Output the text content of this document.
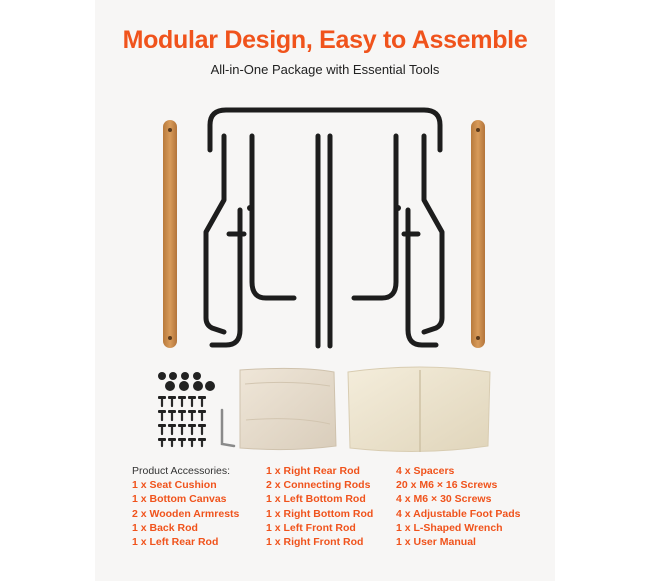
Modular Design, Easy to Assemble
All-in-One Package with Essential Tools
Product Accessories:
1 x Seat Cushion
1 x Bottom Canvas
2 x Wooden Armrests
1 x Back Rod
1 x Left Rear Rod
1 x Right Rear Rod
2 x Connecting Rods
1 x Left Bottom Rod
1 x Right Bottom Rod
1 x Left Front Rod
1 x Right Front Rod
4 x Spacers
20 x M6 × 16 Screws
4 x M6 × 30 Screws
4 x Adjustable Foot Pads
1 x L-Shaped Wrench
1 x User Manual
